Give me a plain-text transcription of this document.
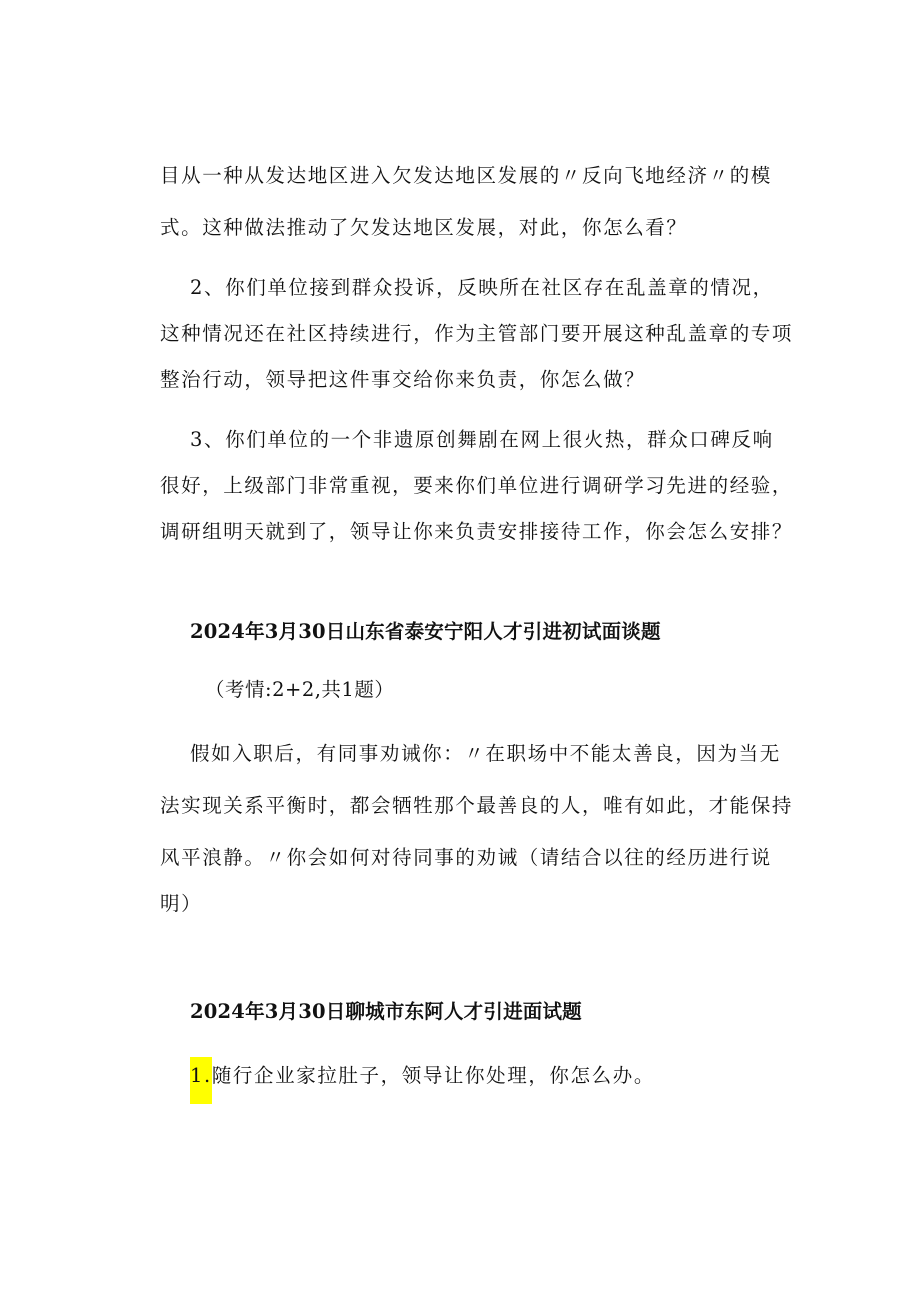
目从一种从发达地区进入欠发达地区发展的〃反向飞地经济〃的模
式。这种做法推动了欠发达地区发展，对此，你怎么看？
2、你们单位接到群众投诉，反映所在社区存在乱盖章的情况，
这种情况还在社区持续进行，作为主管部门要开展这种乱盖章的专项
整治行动，领导把这件事交给你来负责，你怎么做？
3、你们单位的一个非遗原创舞剧在网上很火热，群众口碑反响
很好，上级部门非常重视，要来你们单位进行调研学习先进的经验，
调研组明天就到了，领导让你来负责安排接待工作，你会怎么安排？
2024年3月30日山东省泰安宁阳人才引进初试面谈题
（考情:2+2,共1题）
假如入职后，有同事劝诫你：〃在职场中不能太善良，因为当无
法实现关系平衡时，都会牺牲那个最善良的人，唯有如此，才能保持
风平浪静。〃你会如何对待同事的劝诫（请结合以往的经历进行说
明）
2024年3月30日聊城市东阿人才引进面试题
1.随行企业家拉肚子，领导让你处理，你怎么办。
